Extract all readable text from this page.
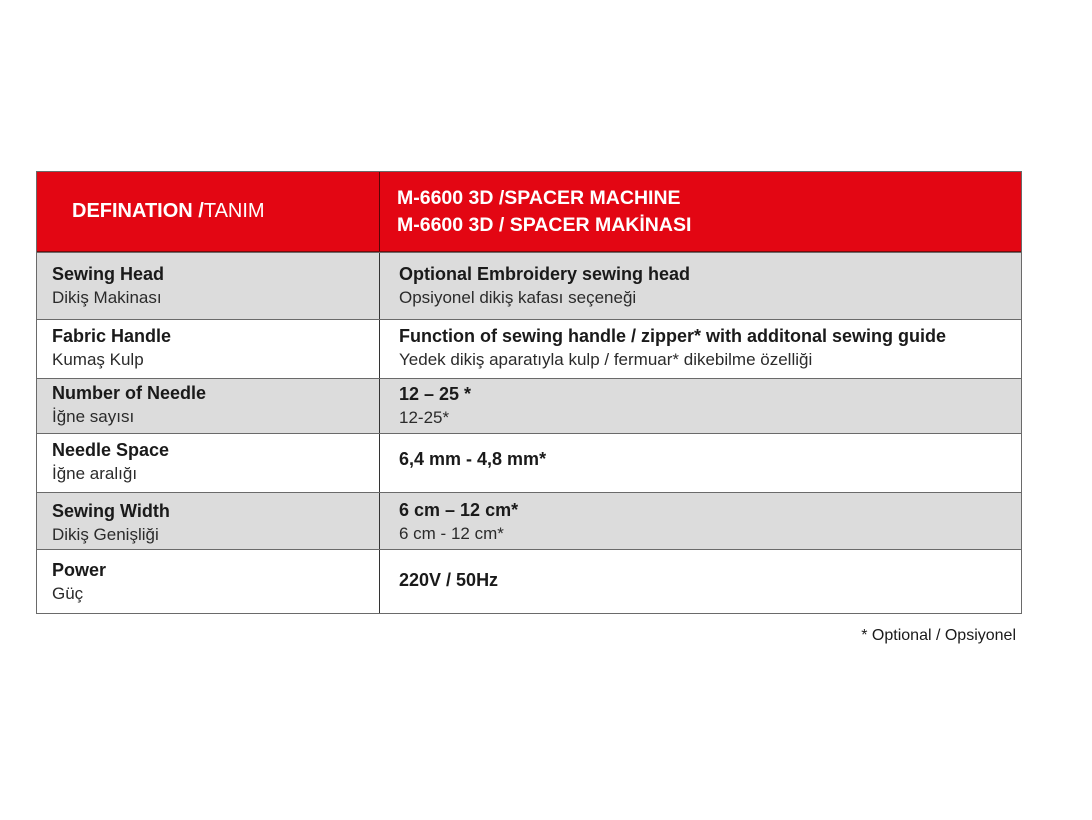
DEFINATION / TANIM
M-6600 3D /SPACER MACHINE
M-6600 3D / SPACER MAKİNASI
Sewing Head
Dikiş Makinası
Optional Embroidery sewing head
Opsiyonel dikiş kafası seçeneği
Fabric Handle
Kumaş Kulp
Function of sewing handle / zipper* with additonal sewing guide
Yedek dikiş aparatıyla kulp / fermuar* dikebilme özelliği
Number of Needle
İğne sayısı
12 – 25 *
12-25*
Needle Space
İğne aralığı
6,4 mm - 4,8 mm*
Sewing Width
Dikiş Genişliği
6 cm – 12 cm*
6 cm - 12 cm*
Power
Güç
220V / 50Hz
* Optional / Opsiyonel
